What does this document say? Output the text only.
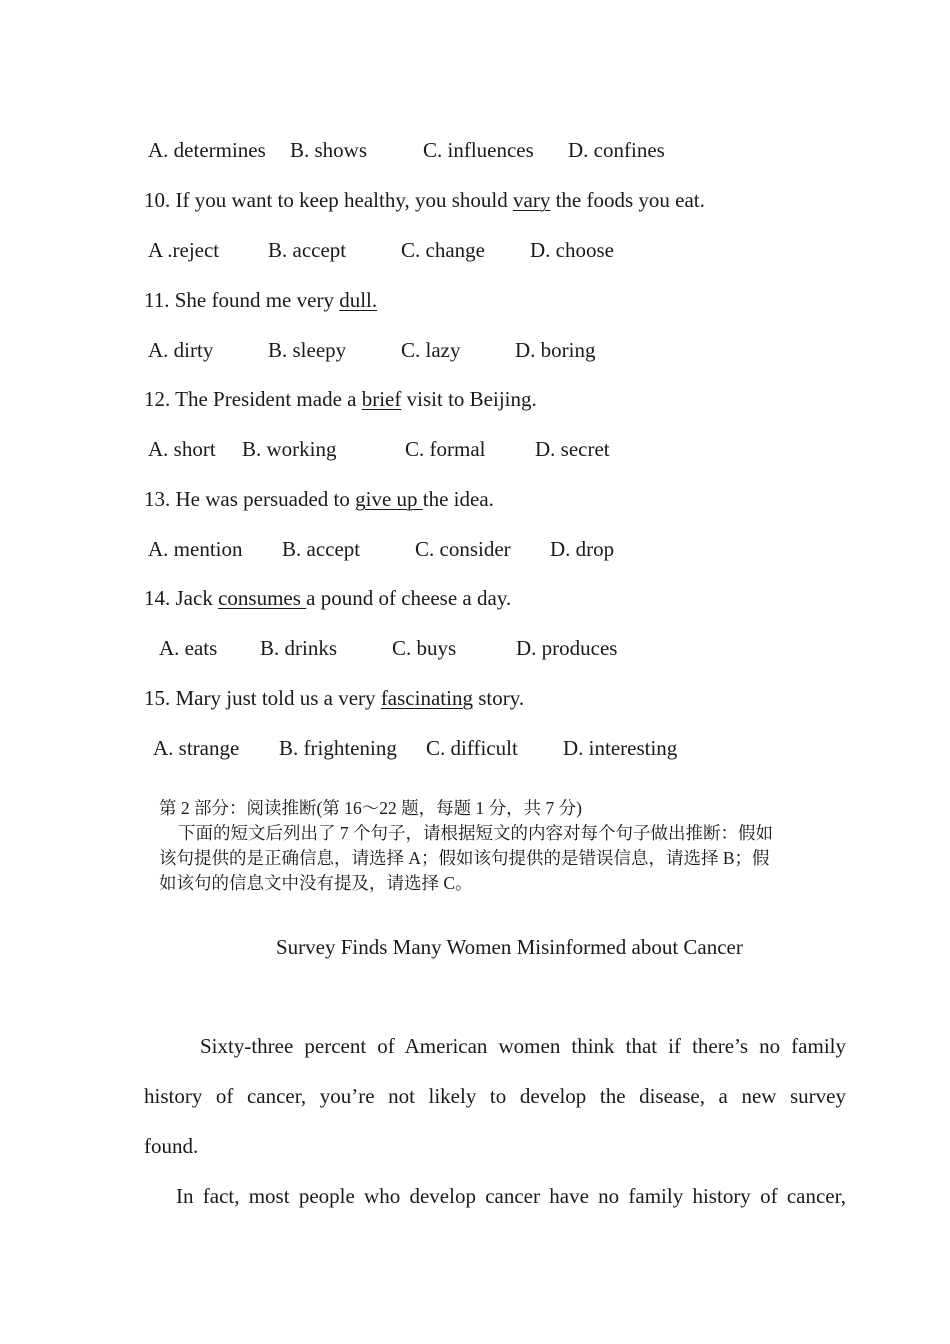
A. determines B. shows	C. influences D. confines
10. If you want to keep healthy, you should vary the foods you eat.
A .reject B. accept	C. change D. choose
11. She found me very dull.
A. dirty	B. sleepy	C. lazy	D. boring
12. The President made a brief visit to Beijing.
A. short B. working	C. formal D. secret
13. He was persuaded to give up the idea.
A. mention B. accept	C. consider D. drop
14. Jack consumes a pound of cheese a day.
A. eats B. drinks	C. buys	D. produces
15. Mary just told us a very fascinating story.
A. strange B. frightening C. difficult D. interesting
第 2 部分：阅读推断(第 16～22 题，每题 1 分，共 7 分)
下面的短文后列出了 7 个句子，请根据短文的内容对每个句子做出推断：假如
该句提供的是正确信息，请选择 A；假如该句提供的是错误信息，请选择 B；假
如该句的信息文中没有提及，请选择 C。
Survey Finds Many Women Misinformed about Cancer
Sixty-three percent of American women think that if there’s no family
history of cancer, you’re not likely to develop the disease, a new survey
found.
In fact, most people who develop cancer have no family history of cancer,
